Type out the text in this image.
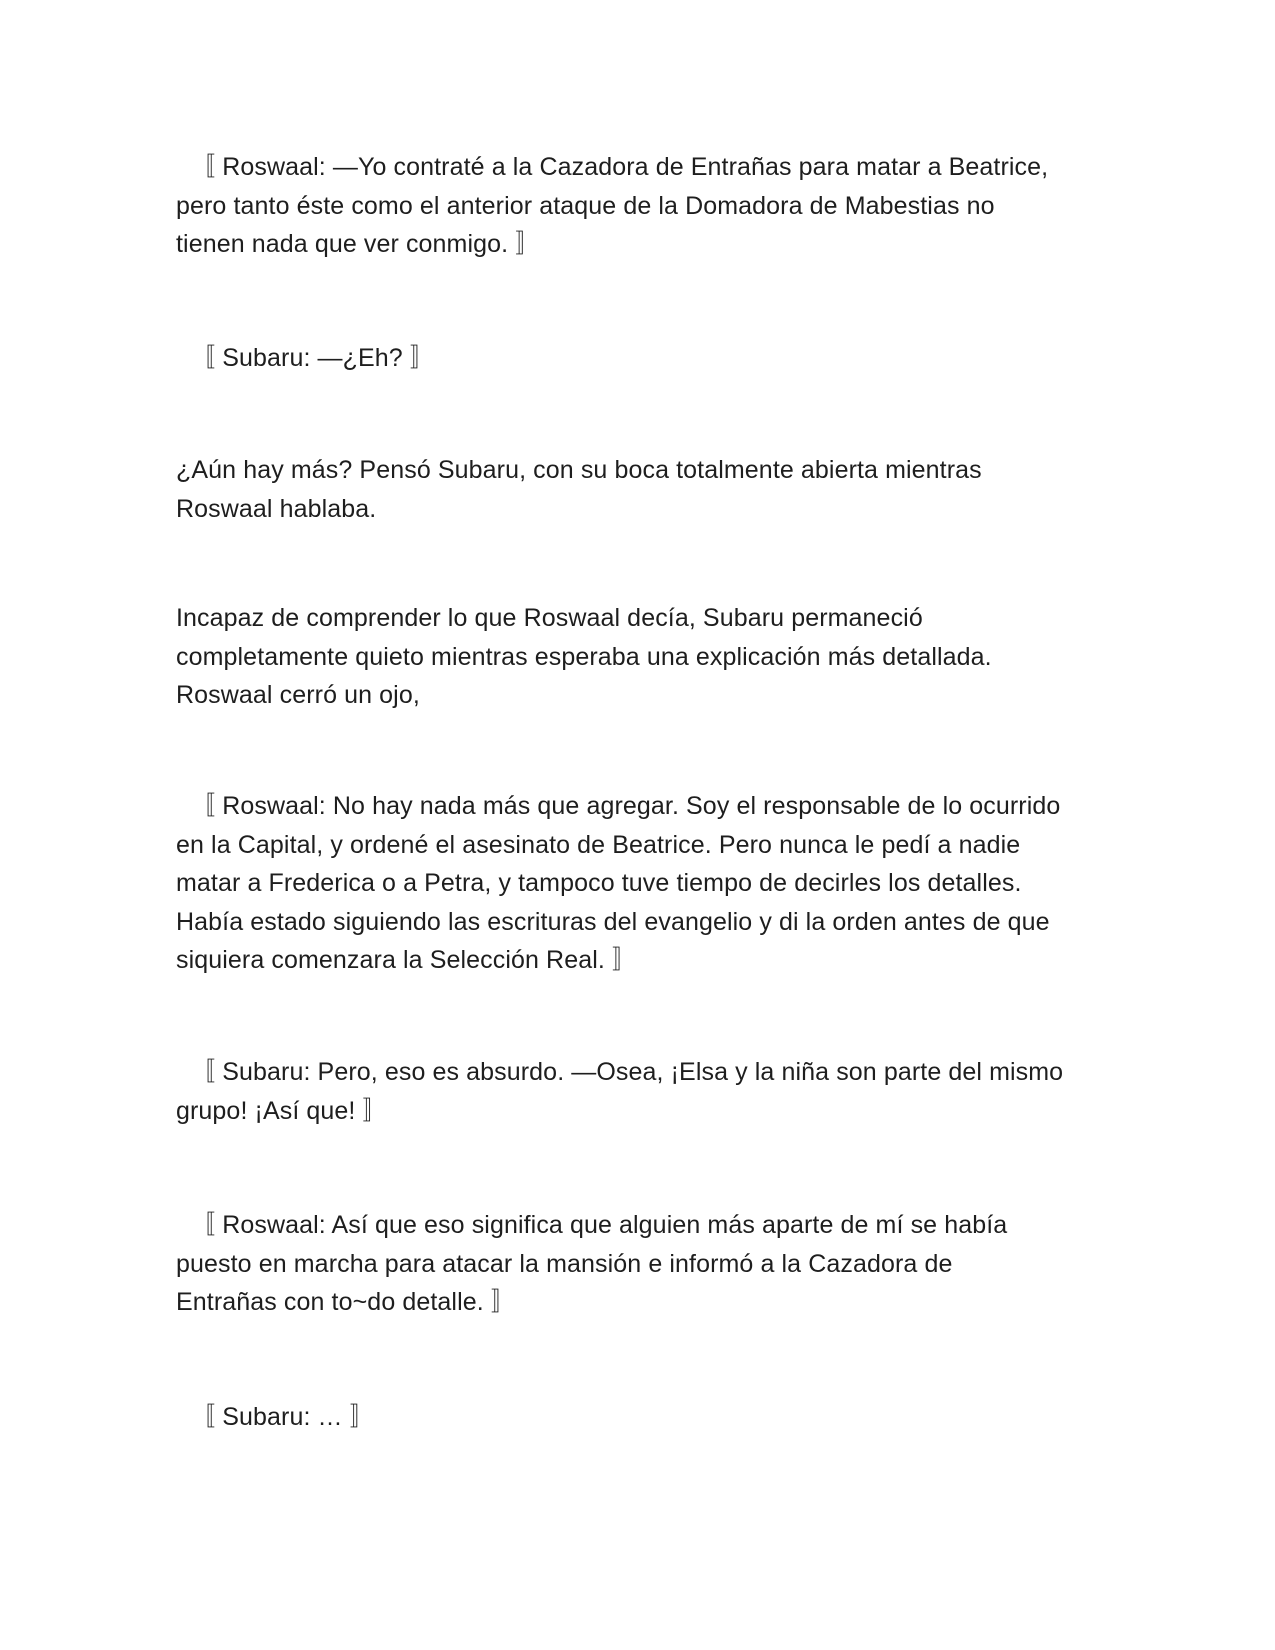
〚 Roswaal: —Yo contraté a la Cazadora de Entrañas para matar a Beatrice,
pero tanto éste como el anterior ataque de la Domadora de Mabestias no
tienen nada que ver conmigo. 〛
〚 Subaru: —¿Eh? 〛
¿Aún hay más? Pensó Subaru, con su boca totalmente abierta mientras
Roswaal hablaba.
Incapaz de comprender lo que Roswaal decía, Subaru permaneció
completamente quieto mientras esperaba una explicación más detallada.
Roswaal cerró un ojo,
〚 Roswaal: No hay nada más que agregar. Soy el responsable de lo ocurrido
en la Capital, y ordené el asesinato de Beatrice. Pero nunca le pedí a nadie
matar a Frederica o a Petra, y tampoco tuve tiempo de decirles los detalles.
Había estado siguiendo las escrituras del evangelio y di la orden antes de que
siquiera comenzara la Selección Real. 〛
〚 Subaru: Pero, eso es absurdo. —Osea, ¡Elsa y la niña son parte del mismo
grupo! ¡Así que! 〛
〚 Roswaal: Así que eso significa que alguien más aparte de mí se había
puesto en marcha para atacar la mansión e informó a la Cazadora de
Entrañas con to~do detalle. 〛
〚 Subaru: … 〛
